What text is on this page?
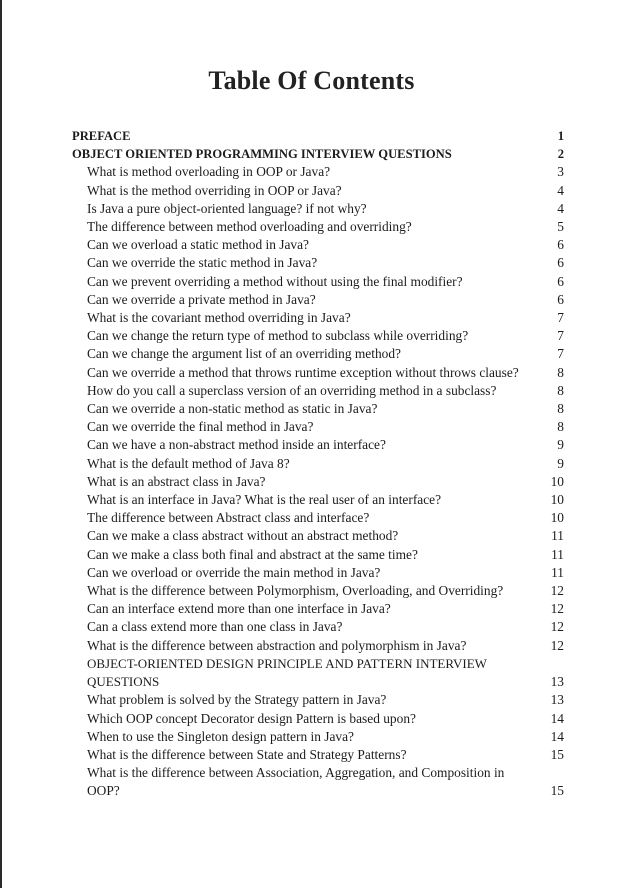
Table Of Contents
PREFACE	1
OBJECT ORIENTED PROGRAMMING INTERVIEW QUESTIONS	2
What is method overloading in OOP or Java?	3
What is the method overriding in OOP or Java?	4
Is Java a pure object-oriented language? if not why?	4
The difference between method overloading and overriding?	5
Can we overload a static method in Java?	6
Can we override the static method in Java?	6
Can we prevent overriding a method without using the final modifier?	6
Can we override a private method in Java?	6
What is the covariant method overriding in Java?	7
Can we change the return type of method to subclass while overriding?	7
Can we change the argument list of an overriding method?	7
Can we override a method that throws runtime exception without throws clause?	8
How do you call a superclass version of an overriding method in a subclass?	8
Can we override a non-static method as static in Java?	8
Can we override the final method in Java?	8
Can we have a non-abstract method inside an interface?	9
What is the default method of Java 8?	9
What is an abstract class in Java?	10
What is an interface in Java? What is the real user of an interface?	10
The difference between Abstract class and interface?	10
Can we make a class abstract without an abstract method?	11
Can we make a class both final and abstract at the same time?	11
Can we overload or override the main method in Java?	11
What is the difference between Polymorphism, Overloading, and Overriding?	12
Can an interface extend more than one interface in Java?	12
Can a class extend more than one class in Java?	12
What is the difference between abstraction and polymorphism in Java?	12
OBJECT-ORIENTED DESIGN PRINCIPLE AND PATTERN INTERVIEW QUESTIONS	13
What problem is solved by the Strategy pattern in Java?	13
Which OOP concept Decorator design Pattern is based upon?	14
When to use the Singleton design pattern in Java?	14
What is the difference between State and Strategy Patterns?	15
What is the difference between Association, Aggregation, and Composition in OOP?	15
